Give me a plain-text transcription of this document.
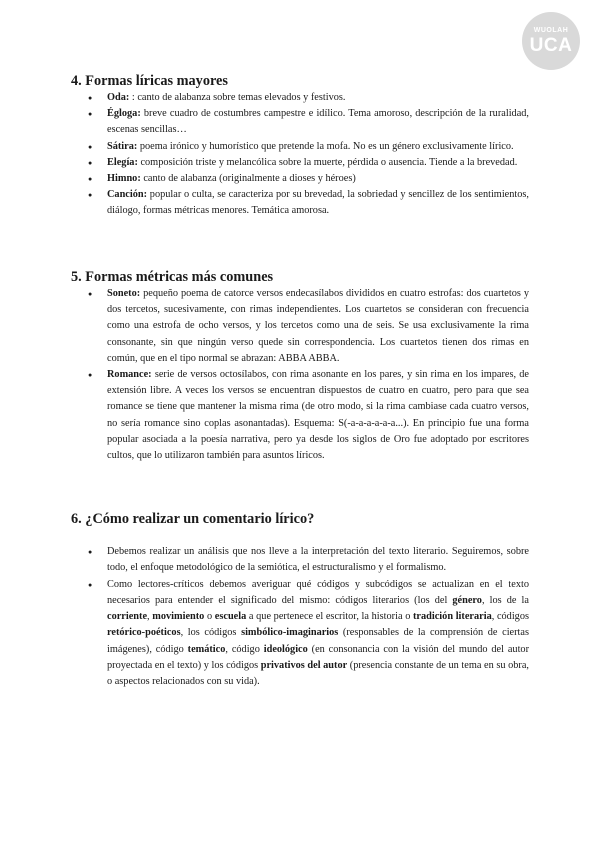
WUOLAH
UCA
4. Formas líricas mayores
● Oda: : canto de alabanza sobre temas elevados y festivos.
● Égloga: breve cuadro de costumbres campestre e idílico. Tema amoroso, descripción de la ruralidad, escenas sencillas…
● Sátira: poema irónico y humorístico que pretende la mofa. No es un género exclusivamente lírico.
● Elegía: composición triste y melancólica sobre la muerte, pérdida o ausencia. Tiende a la brevedad.
● Himno: canto de alabanza (originalmente a dioses y héroes)
● Canción: popular o culta, se caracteriza por su brevedad, la sobriedad y sencillez de los sentimientos, diálogo, formas métricas menores. Temática amorosa.
5. Formas métricas más comunes
● Soneto: pequeño poema de catorce versos endecasílabos divididos en cuatro estrofas: dos cuartetos y dos tercetos, sucesivamente, con rimas independientes. Los cuartetos se consideran con frecuencia como una estrofa de ocho versos, y los tercetos como una de seis. Se usa exclusivamente la rima consonante, sin que ningún verso quede sin correspondencia. Los cuartetos tienen dos rimas en común, que en el tipo normal se abrazan: ABBA ABBA.
● Romance: serie de versos octosílabos, con rima asonante en los pares, y sin rima en los impares, de extensión libre. A veces los versos se encuentran dispuestos de cuatro en cuatro, pero para que sea romance se tiene que mantener la misma rima (de otro modo, si la rima cambiase cada cuatro versos, no sería romance sino coplas asonantadas). Esquema: S(-a-a-a-a-a-a...). En principio fue una forma popular asociada a la poesía narrativa, pero ya desde los siglos de Oro fue adoptado por escritores cultos, que lo utilizaron también para asuntos líricos.
6. ¿Cómo realizar un comentario lírico?
● Debemos realizar un análisis que nos lleve a la interpretación del texto literario. Seguiremos, sobre todo, el enfoque metodológico de la semiótica, el estructuralismo y el formalismo.
● Como lectores-críticos debemos averiguar qué códigos y subcódigos se actualizan en el texto necesarios para entender el significado del mismo: códigos literarios (los del género, los de la corriente, movimiento o escuela a que pertenece el escritor, la historia o tradición literaria, códigos retórico-poéticos, los códigos simbólico-imaginarios (responsables de la comprensión de ciertas imágenes), código temático, código ideológico (en consonancia con la visión del mundo del autor proyectada en el texto) y los códigos privativos del autor (presencia constante de un tema en su obra, o aspectos relacionados con su vida).
